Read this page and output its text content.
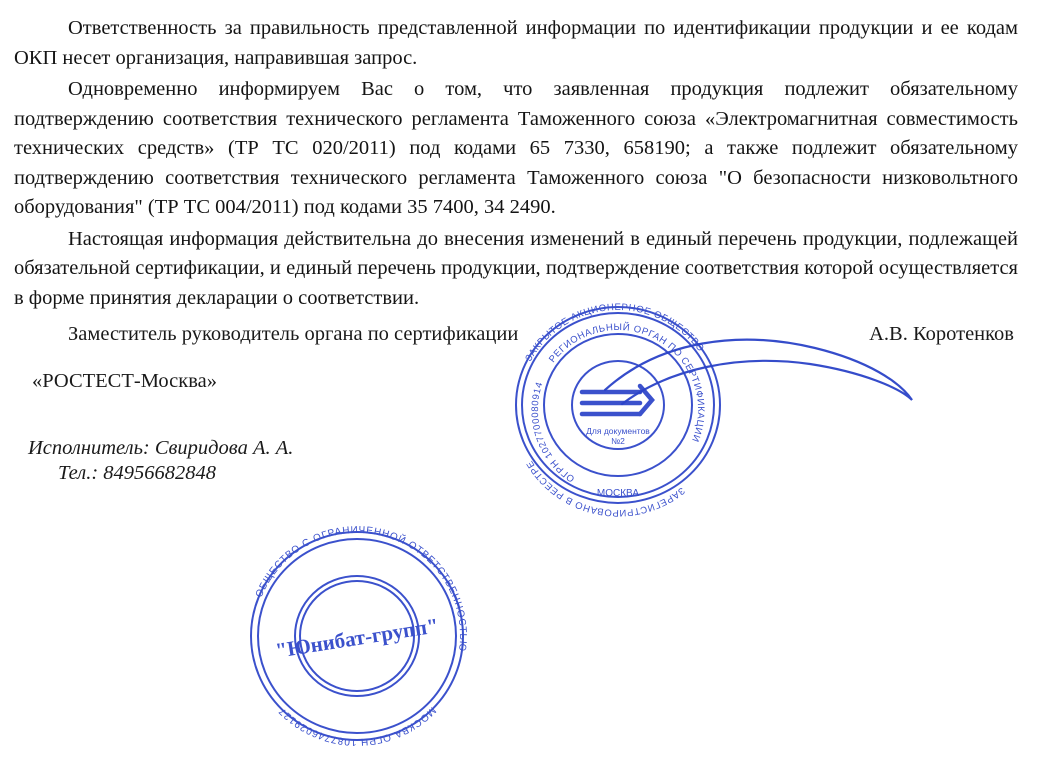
Ответственность за правильность представленной информации по идентификации продукции и ее кодам ОКП несет организация, направившая запрос.

Одновременно информируем Вас о том, что заявленная продукция подлежит обязательному подтверждению соответствия технического регламента Таможенного союза «Электромагнитная совместимость технических средств» (ТР ТС 020/2011) под кодами 65 7330, 658190; а также подлежит обязательному подтверждению соответствия технического регламента Таможенного союза "О безопасности низковольтного оборудования" (ТР ТС 004/2011) под кодами 35 7400, 34 2490.

Настоящая информация действительна до внесения изменений в единый перечень продукции, подлежащей обязательной сертификации, и единый перечень продукции, подтверждение соответствия которой осуществляется в форме принятия декларации о соответствии.

Заместитель руководитель органа по сертификации	А.В. Коротенков
«РОСТЕСТ-Москва»
Исполнитель: Свиридова А. А.
Тел.: 84956682848
ЗАКРЫТОЕ АКЦИОНЕРНОЕ ОБЩЕСТВО
ЗАРЕГИСТРИРОВАНО В РЕЕСТРЕ
РЕГИОНАЛЬНЫЙ ОРГАН ПО СЕРТИФИКАЦИИ
ОГРН 1027700080914
МОСКВА
Для документов
№2
ОБЩЕСТВО С ОГРАНИЧЕННОЙ ОТВЕТСТВЕННОСТЬЮ
МОСКВА ОГРН 1087746029127
"Юнибат-групп"
